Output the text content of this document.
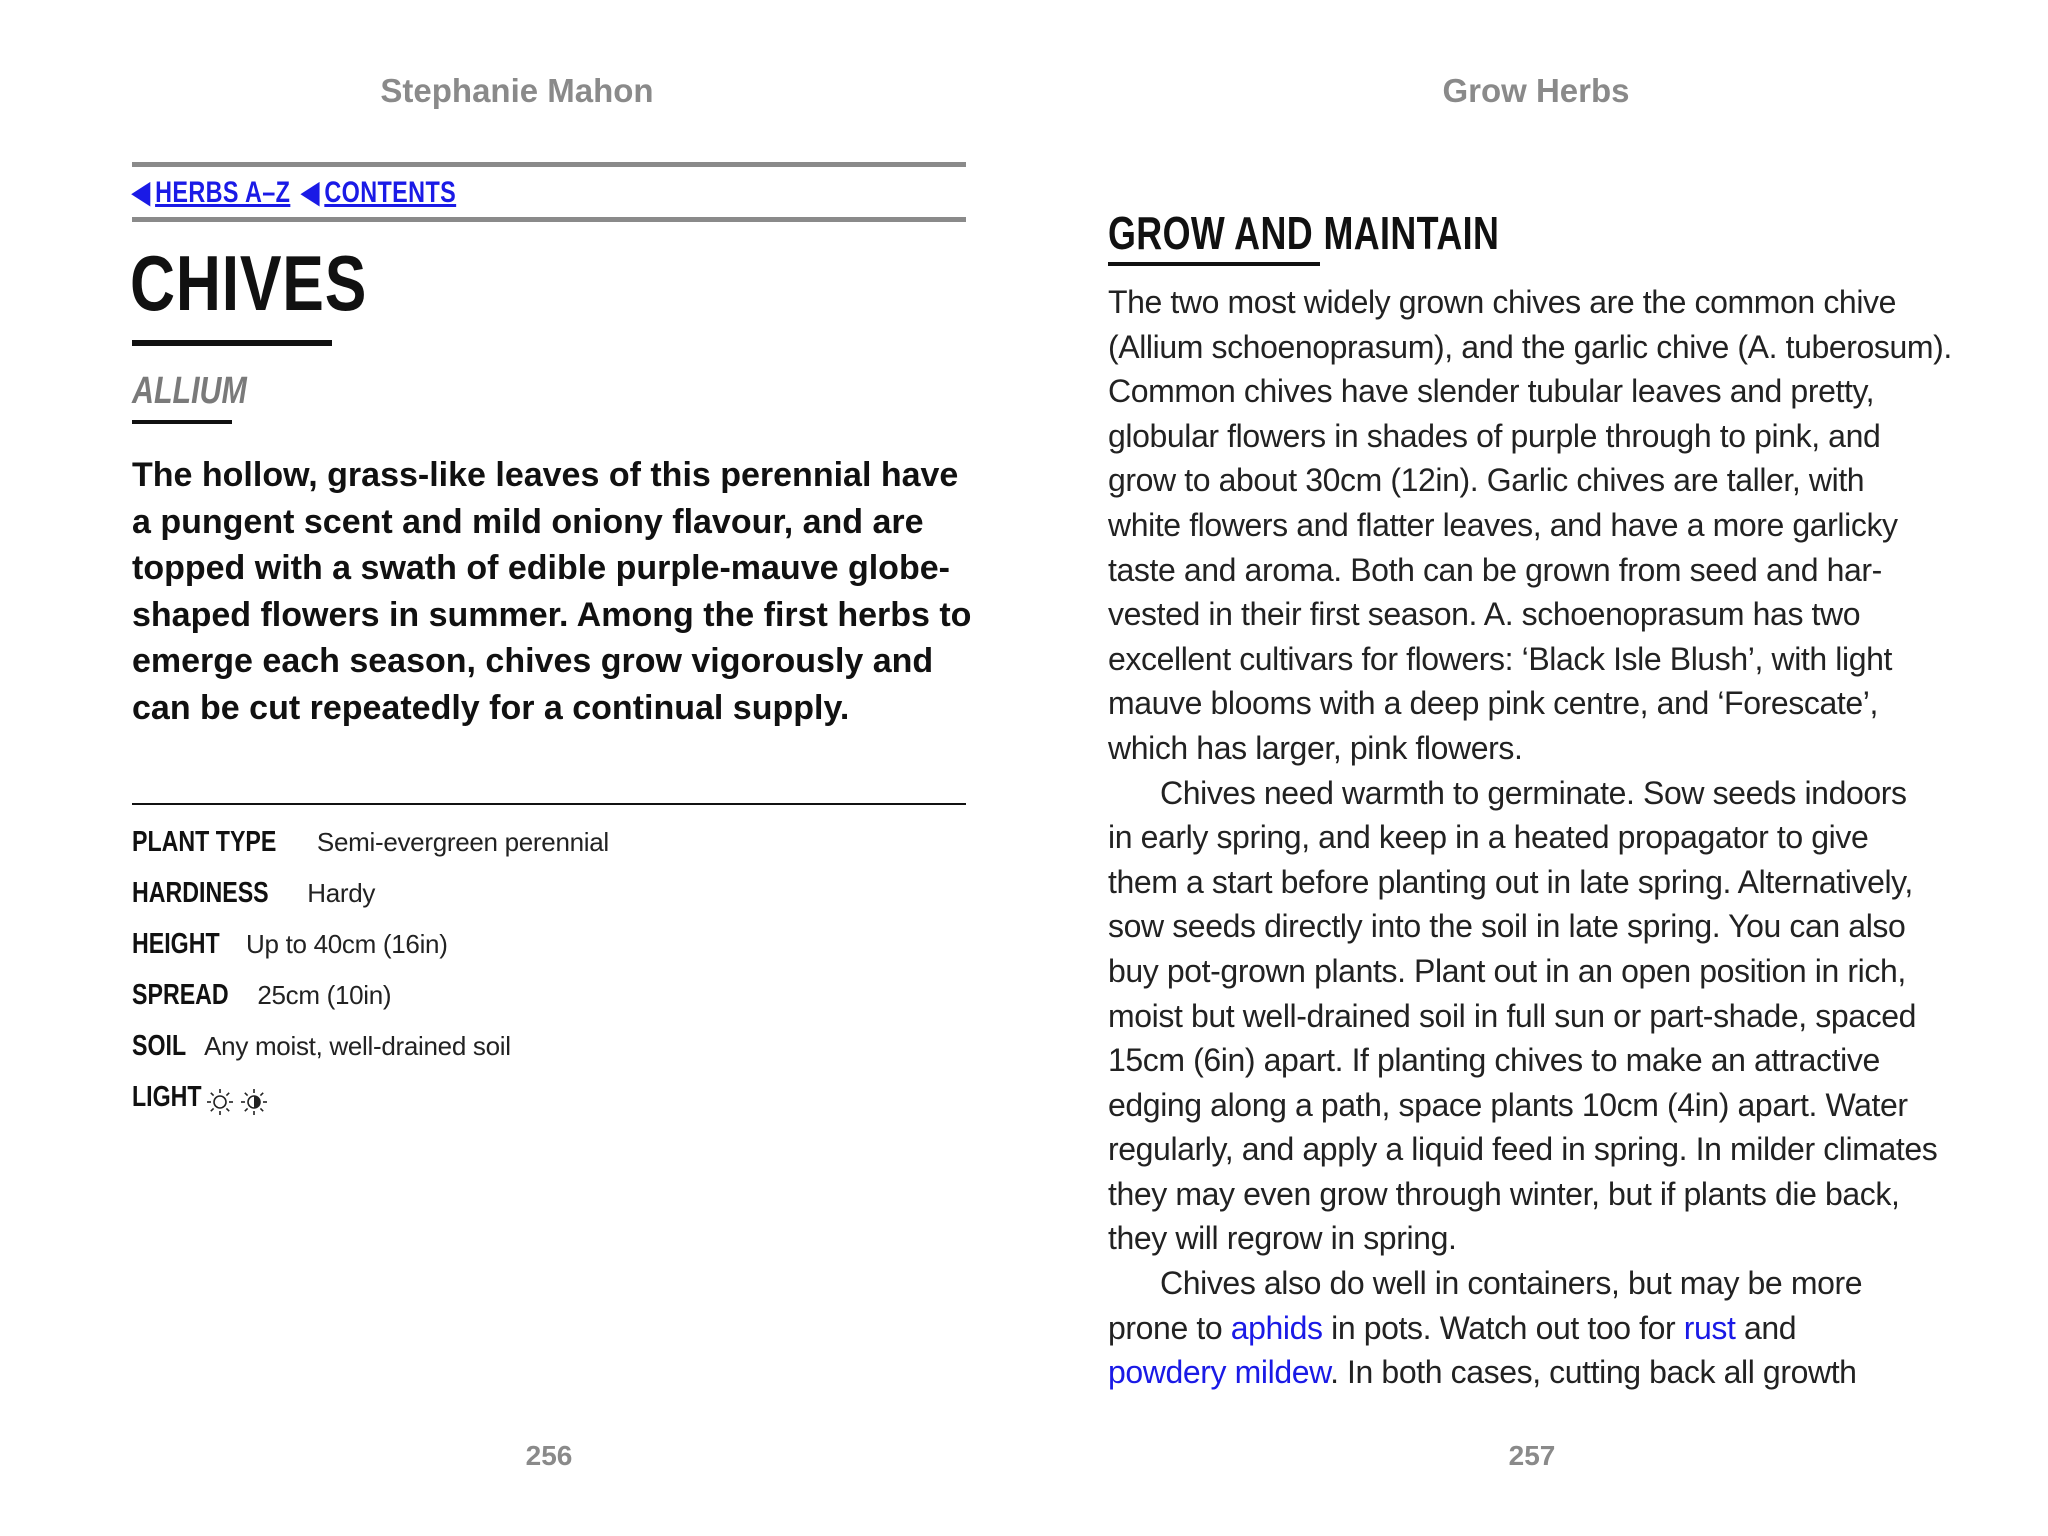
Stephanie Mahon
◀ HERBS A–Z ◀ CONTENTS
CHIVES
ALLIUM

The hollow, grass-like leaves of this perennial have a pungent scent and mild oniony flavour, and are topped with a swath of edible purple-mauve globe-shaped flowers in summer. Among the first herbs to emerge each season, chives grow vigorously and can be cut repeatedly for a continual supply.

PLANT TYPE Semi-evergreen perennial
HARDINESS Hardy
HEIGHT Up to 40cm (16in)
SPREAD 25cm (10in)
SOIL Any moist, well-drained soil
LIGHT
256
Grow Herbs
257
GROW AND MAINTAIN

The two most widely grown chives are the common chive
(Allium schoenoprasum), and the garlic chive (A. tuberosum).
Common chives have slender tubular leaves and pretty,
globular flowers in shades of purple through to pink, and
grow to about 30cm (12in). Garlic chives are taller, with
white flowers and flatter leaves, and have a more garlicky
taste and aroma. Both can be grown from seed and har-
vested in their first season. A. schoenoprasum has two
excellent cultivars for flowers: ‘Black Isle Blush’, with light
mauve blooms with a deep pink centre, and ‘Forescate’,
which has larger, pink flowers.

Chives need warmth to germinate. Sow seeds indoors
in early spring, and keep in a heated propagator to give
them a start before planting out in late spring. Alternatively,
sow seeds directly into the soil in late spring. You can also
buy pot-grown plants. Plant out in an open position in rich,
moist but well-drained soil in full sun or part-shade, spaced
15cm (6in) apart. If planting chives to make an attractive
edging along a path, space plants 10cm (4in) apart. Water
regularly, and apply a liquid feed in spring. In milder climates
they may even grow through winter, but if plants die back,
they will regrow in spring.

Chives also do well in containers, but may be more
prone to aphids in pots. Watch out too for rust and
powdery mildew. In both cases, cutting back all growth
